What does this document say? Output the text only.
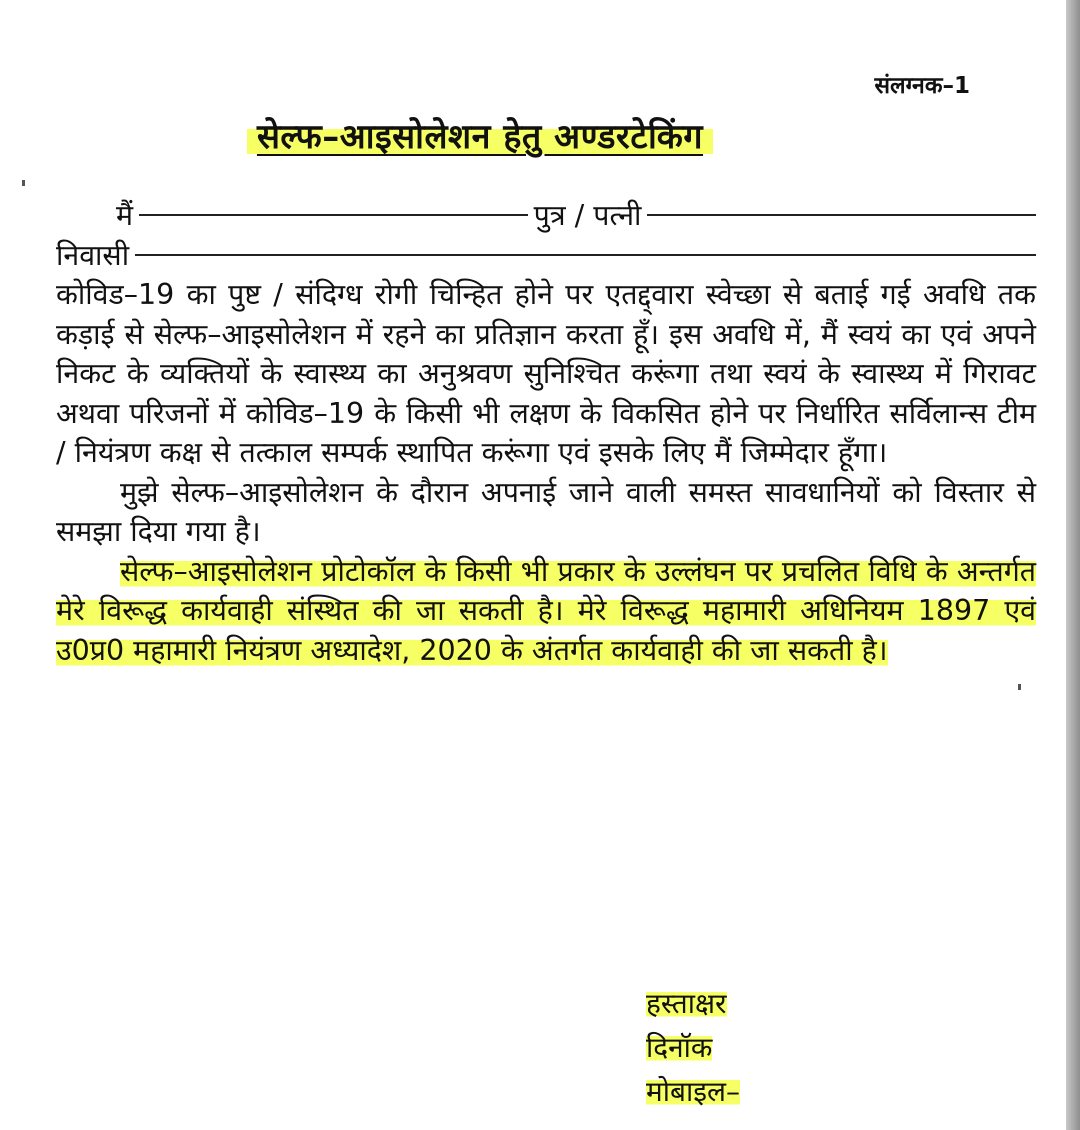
संलग्नक–1

सेल्फ–आइसोलेशन हेतु अण्डरटेकिंग
मैं	पुत्र / पत्नी
निवासी

कोविड–19 का पुष्ट / संदिग्ध रोगी चिन्हित होने पर एतद्द्वारा स्वेच्छा से बताई गई अवधि तक कड़ाई से सेल्फ–आइसोलेशन में रहने का प्रतिज्ञान करता हूँ। इस अवधि में, मैं स्वयं का एवं अपने निकट के व्यक्तियों के स्वास्थ्य का अनुश्रवण सुनिश्चित करूंगा तथा स्वयं के स्वास्थ्य में गिरावट अथवा परिजनों में कोविड–19 के किसी भी लक्षण के विकसित होने पर निर्धारित सर्विलान्स टीम / नियंत्रण कक्ष से तत्काल सम्पर्क स्थापित करूंगा एवं इसके लिए मैं जिम्मेदार हूँगा।

मुझे सेल्फ–आइसोलेशन के दौरान अपनाई जाने वाली समस्त सावधानियों को विस्तार से समझा दिया गया है।

सेल्फ–आइसोलेशन प्रोटोकॉल के किसी भी प्रकार के उल्लंघन पर प्रचलित विधि के अन्तर्गत मेरे विरूद्ध कार्यवाही संस्थित की जा सकती है। मेरे विरूद्ध महामारी अधिनियम 1897 एवं उ0प्र0 महामारी नियंत्रण अध्यादेश, 2020 के अंतर्गत कार्यवाही की जा सकती है।

हस्ताक्षर
दिनॉक
मोबाइल–
